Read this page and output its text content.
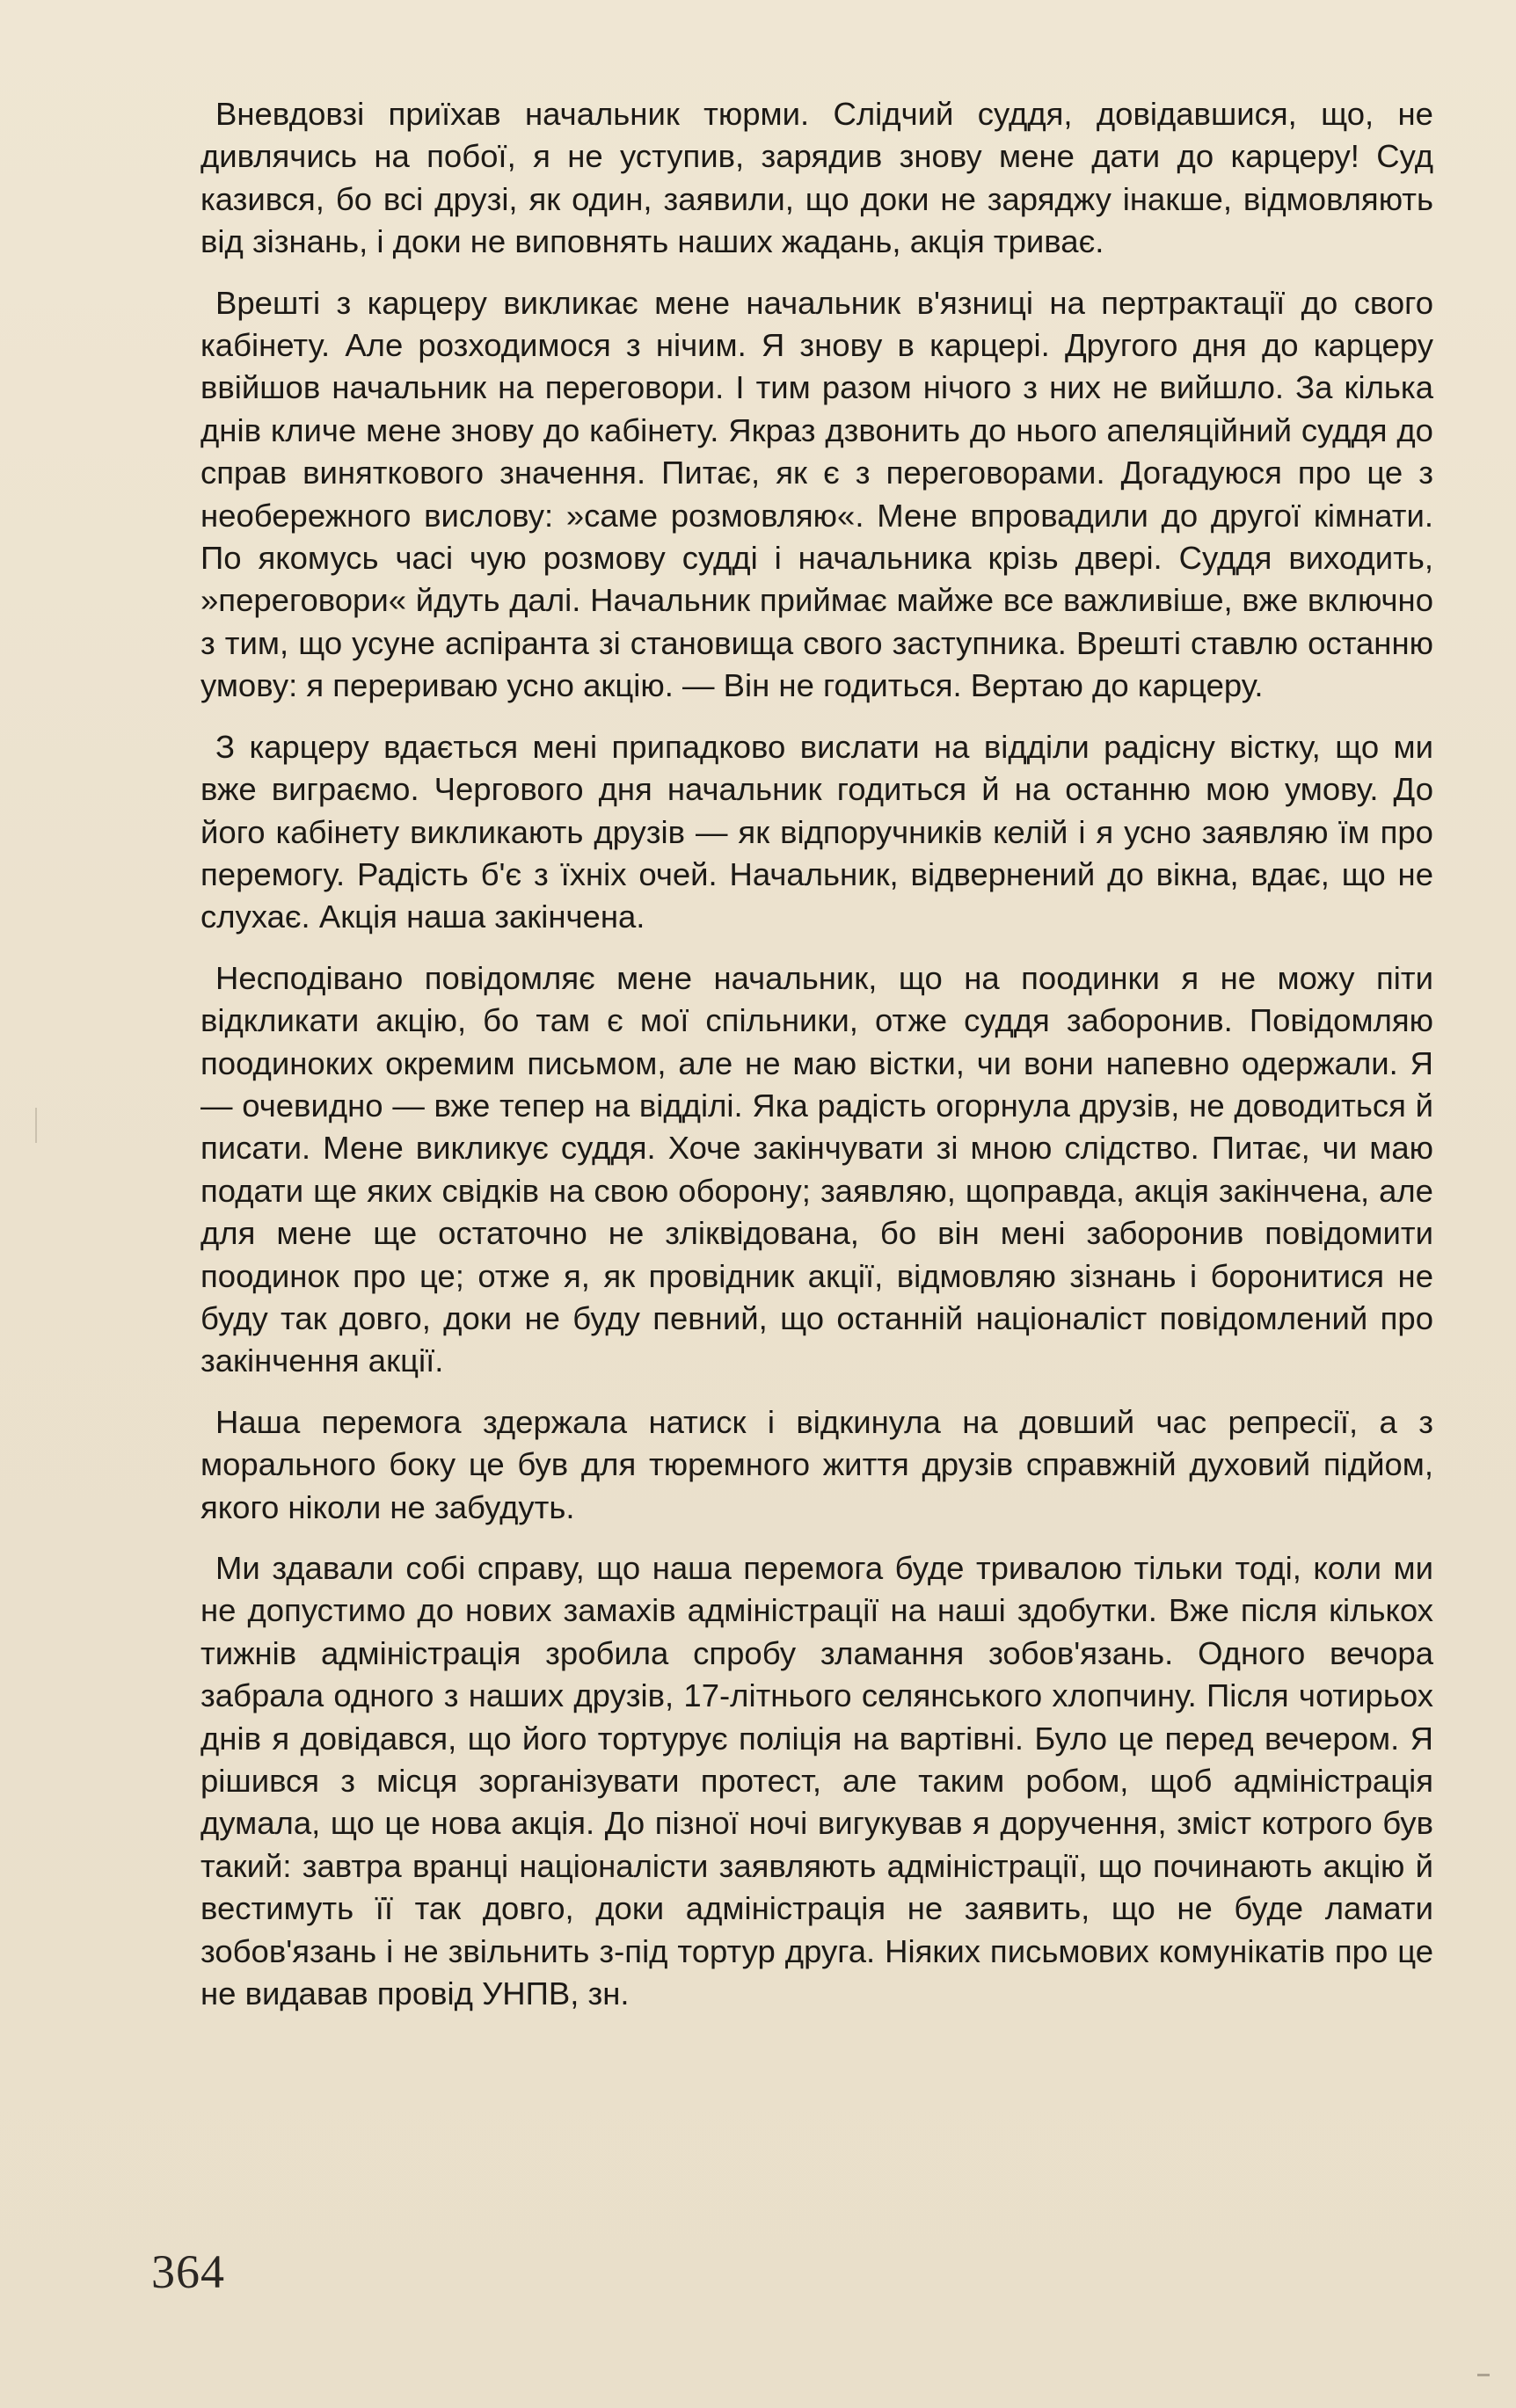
Вневдовзі приїхав начальник тюрми. Слідчий суддя, довідавшися, що, не дивлячись на побої, я не уступив, зарядив знову мене дати до карцеру! Суд казився, бо всі друзі, як один, заявили, що доки не заряджу інакше, відмовляють від зізнань, і доки не виповнять наших жадань, акція триває.

Врешті з карцеру викликає мене начальник в'язниці на пертрактації до свого кабінету. Але розходимося з нічим. Я знову в карцері. Другого дня до карцеру ввійшов начальник на переговори. І тим разом нічого з них не вийшло. За кілька днів кличе мене знову до кабінету. Якраз дзвонить до нього апеляційний суддя до справ винятковогo значення. Питає, як є з переговорами. Догадуюся про це з необережного вислову: »саме розмовляю«. Мене впровадили до другої кімнати. По якомусь часі чую розмову судді і начальника крізь двері. Суддя виходить, »переговори« йдуть далі. Начальник приймає майже все важливіше, вже включно з тим, що усуне аспіранта зі становища свого заступника. Врешті ставлю останню умову: я перериваю усно акцію. — Він не годиться. Вертаю до карцеру.

З карцеру вдається мені припадково вислати на відділи радісну вістку, що ми вже виграємо. Чергового дня начальник годиться й на останню мою умову. До його кабінету викликають друзів — як відпоручників келій і я усно заявляю їм про перемогу. Радість б'є з їхніх очей. Начальник, відвернений до вікна, вдає, що не слухає. Акція наша закінчена.

Несподівано повідомляє мене начальник, що на поодинки я не можу піти відкликати акцію, бо там є мої спільники, отже суддя заборонив. Повідомляю поодиноких окремим письмом, але не маю вістки, чи вони напевно одержали. Я — очевидно — вже тепер на відділі. Яка радість огорнула друзів, не доводиться й писати. Мене викликує суддя. Хоче закінчувати зі мною слідство. Питає, чи маю подати ще яких свідків на свою оборону; заявляю, щоправда, акція закінчена, але для мене ще остаточно не зліквідована, бо він мені заборонив повідомити поодинок про це; отже я, як провідник акції, відмовляю зізнань і боронитися не буду так довго, доки не буду певний, що останній націоналіст повідомлений про закінчення акції.

Наша перемога здержала натиск і відкинула на довший час репресії, а з морального боку це був для тюремного життя друзів справжній духовий підйом, якого ніколи не забудуть.

Ми здавали собі справу, що наша перемога буде тривалою тільки тоді, коли ми не допустимо до нових замахів адміністрації на наші здобутки. Вже після кількох тижнів адміністрація зробила спробу зламання зобов'язань. Одного вечора забрала одного з наших друзів, 17-літнього селянського хлопчину. Після чотирьох днів я довідався, що його тортурує поліція на вартівні. Було це перед вечером. Я рішився з місця зорганізувати протест, але таким робом, щоб адміністрація думала, що це нова акція. До пізної ночі вигукував я доручення, зміст котрого був такий: завтра вранці націоналісти заявляють адміністрації, що починають акцію й вестимуть її так довго, доки адміністрація не заявить, що не буде ламати зобов'язань і не звільнить з-під тортур друга. Ніяких письмових комунікатів про це не видавав провід УНПВ, зн.

364
